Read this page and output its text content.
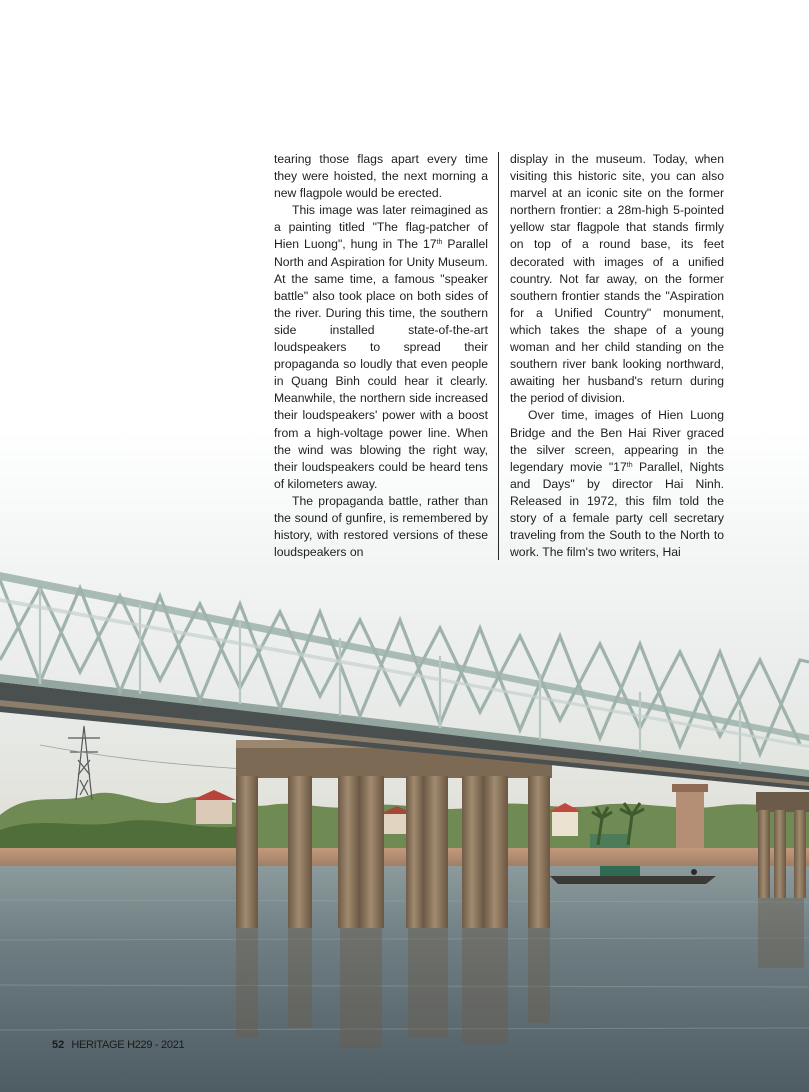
tearing those flags apart every time they were hoisted, the next morning a new flagpole would be erected.

This image was later reimagined as a painting titled "The flag-patcher of Hien Luong", hung in The 17th Parallel North and Aspiration for Unity Museum. At the same time, a famous "speaker battle" also took place on both sides of the river. During this time, the southern side installed state-of-the-art loudspeakers to spread their propaganda so loudly that even people in Quang Binh could hear it clearly. Meanwhile, the northern side increased their loudspeakers' power with a boost from a high-voltage power line. When the wind was blowing the right way, their loudspeakers could be heard tens of kilometers away.

The propaganda battle, rather than the sound of gunfire, is remembered by history, with restored versions of these loudspeakers on

display in the museum. Today, when visiting this historic site, you can also marvel at an iconic site on the former northern frontier: a 28m-high 5-pointed yellow star flagpole that stands firmly on top of a round base, its feet decorated with images of a unified country. Not far away, on the former southern frontier stands the "Aspiration for a Unified Country" monument, which takes the shape of a young woman and her child standing on the southern river bank looking northward, awaiting her husband's return during the period of division.

Over time, images of Hien Luong Bridge and the Ben Hai River graced the silver screen, appearing in the legendary movie "17th Parallel, Nights and Days" by director Hai Ninh. Released in 1972, this film told the story of a female party cell secretary traveling from the South to the North to work. The film's two writers, Hai

52 HERITAGE H229 - 2021
